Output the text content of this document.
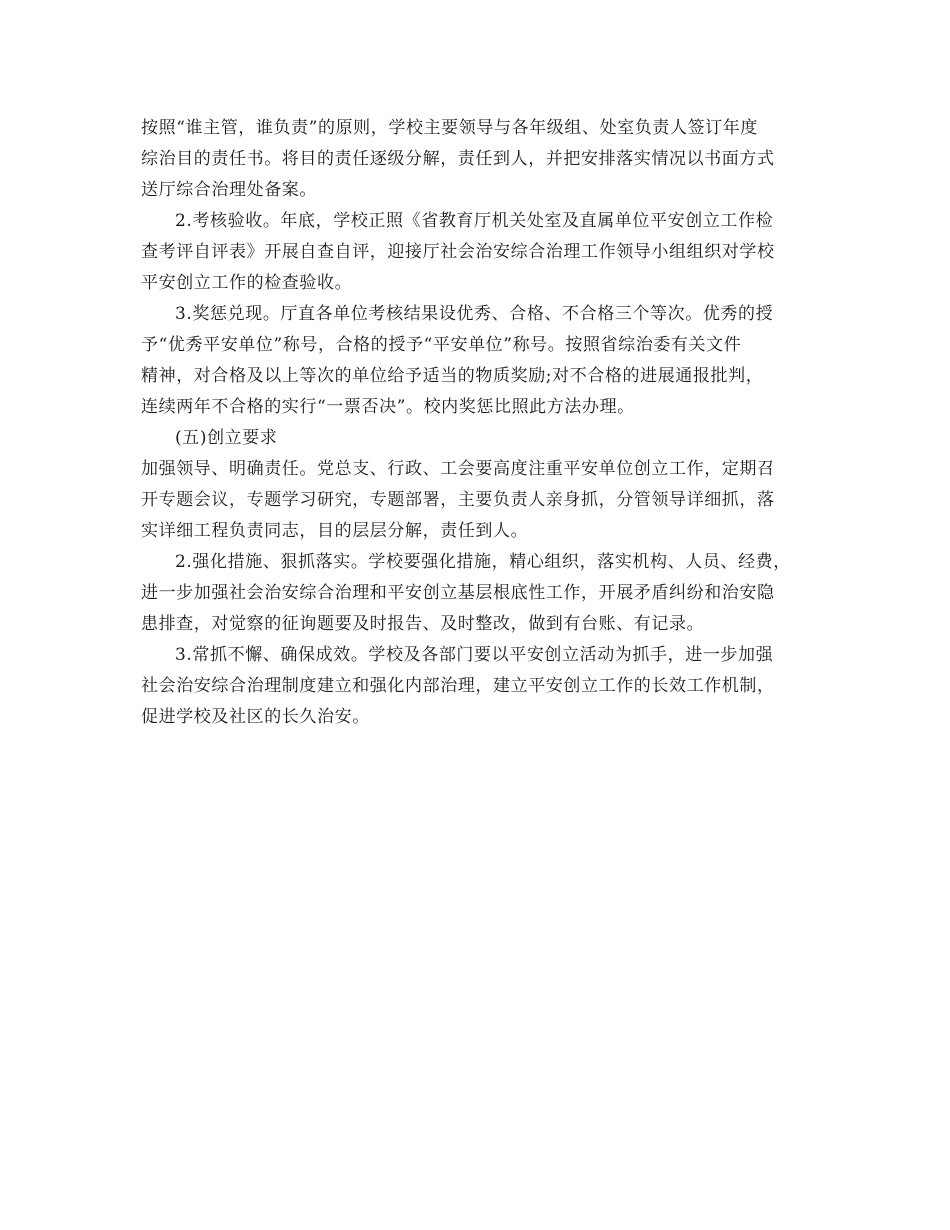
按照“谁主管，谁负责”的原则，学校主要领导与各年级组、处室负责人签订年度
综治目的责任书。将目的责任逐级分解，责任到人，并把安排落实情况以书面方式
送厅综合治理处备案。

2.考核验收。年底，学校正照《省教育厅机关处室及直属单位平安创立工作检
查考评自评表》开展自查自评，迎接厅社会治安综合治理工作领导小组组织对学校
平安创立工作的检查验收。

3.奖惩兑现。厅直各单位考核结果设优秀、合格、不合格三个等次。优秀的授
予“优秀平安单位”称号，合格的授予“平安单位”称号。按照省综治委有关文件
精神，对合格及以上等次的单位给予适当的物质奖励;对不合格的进展通报批判，
连续两年不合格的实行“一票否决”。校内奖惩比照此方法办理。

(五)创立要求

加强领导、明确责任。党总支、行政、工会要高度注重平安单位创立工作，定期召
开专题会议，专题学习研究，专题部署，主要负责人亲身抓，分管领导详细抓，落
实详细工程负责同志，目的层层分解，责任到人。

2.强化措施、狠抓落实。学校要强化措施，精心组织，落实机构、人员、经费，
进一步加强社会治安综合治理和平安创立基层根底性工作，开展矛盾纠纷和治安隐
患排查，对觉察的征询题要及时报告、及时整改，做到有台账、有记录。

3.常抓不懈、确保成效。学校及各部门要以平安创立活动为抓手，进一步加强
社会治安综合治理制度建立和强化内部治理，建立平安创立工作的长效工作机制，
促进学校及社区的长久治安。
